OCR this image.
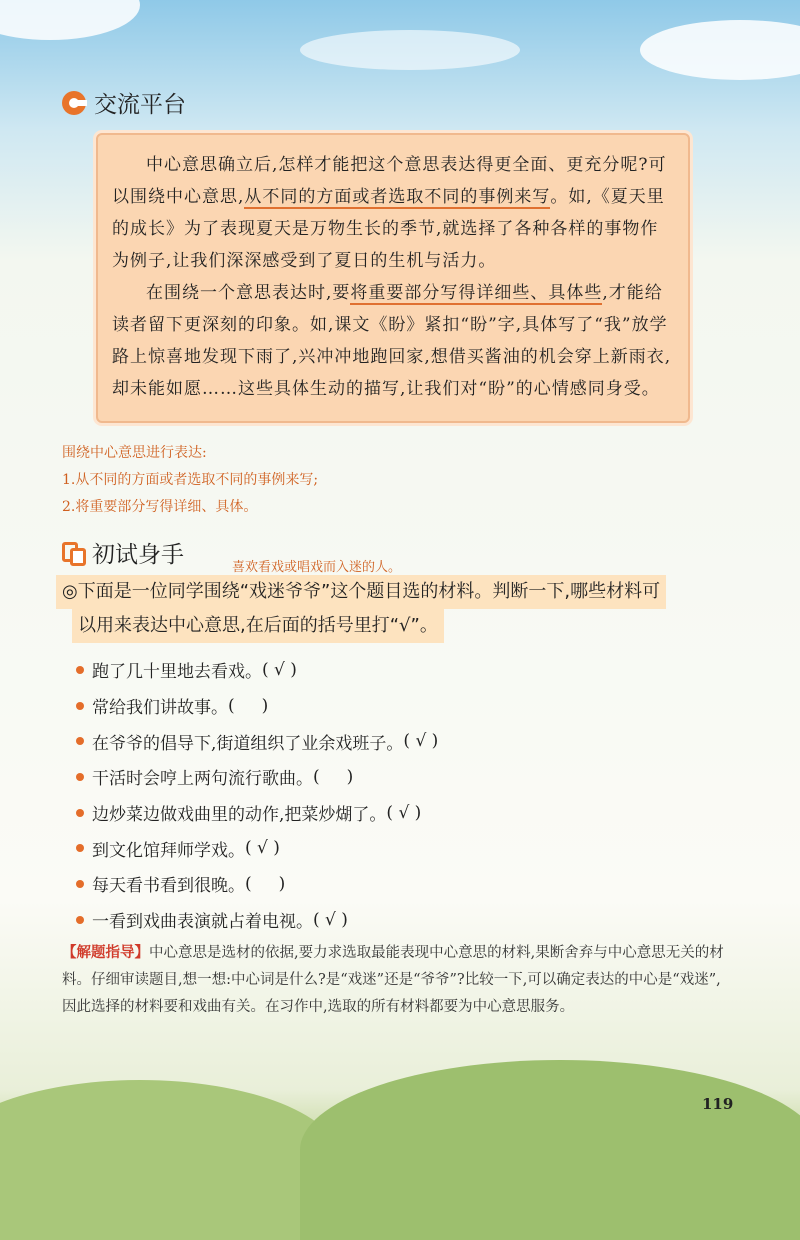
交流平台

中心意思确立后,怎样才能把这个意思表达得更全面、更充分呢?可以围绕中心意思,从不同的方面或者选取不同的事例来写。如,《夏天里的成长》为了表现夏天是万物生长的季节,就选择了各种各样的事物作为例子,让我们深深感受到了夏日的生机与活力。

在围绕一个意思表达时,要将重要部分写得详细些、具体些,才能给读者留下更深刻的印象。如,课文《盼》紧扣“盼”字,具体写了“我”放学路上惊喜地发现下雨了,兴冲冲地跑回家,想借买酱油的机会穿上新雨衣,却未能如愿……这些具体生动的描写,让我们对“盼”的心情感同身受。

围绕中心意思进行表达:
1.从不同的方面或者选取不同的事例来写;
2.将重要部分写得详细、具体。
初试身手	喜欢看戏或唱戏而入迷的人。
◎下面是一位同学围绕“戏迷爷爷”这个题目选的材料。判断一下,哪些材料可
以用来表达中心意思,在后面的括号里打“√”。
跑了几十里地去看戏。 ( √ )
常给我们讲故事。 (     )
在爷爷的倡导下,街道组织了业余戏班子。 ( √ )
干活时会哼上两句流行歌曲。 (     )
边炒菜边做戏曲里的动作,把菜炒煳了。 ( √ )
到文化馆拜师学戏。 ( √ )
每天看书看到很晚。 (     )
一看到戏曲表演就占着电视。 ( √ )
【解题指导】中心意思是选材的依据,要力求选取最能表现中心意思的材料,果断舍弃与中心意思无关的材料。仔细审读题目,想一想:中心词是什么?是“戏迷”还是“爷爷”?比较一下,可以确定表达的中心是“戏迷”,因此选择的材料要和戏曲有关。在习作中,选取的所有材料都要为中心意思服务。
119
